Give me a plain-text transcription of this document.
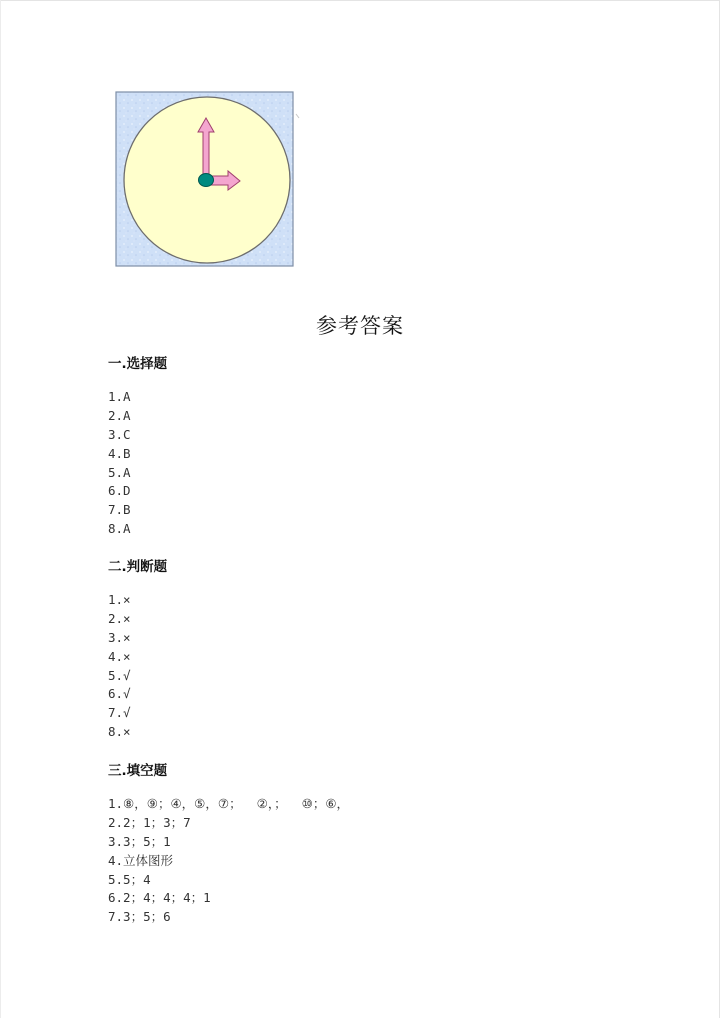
参考答案
一.选择题
1.A
2.A
3.C
4.B
5.A
6.D
7.B
8.A
二.判断题
1.×
2.×
3.×
4.×
5.√
6.√
7.√
8.×
三.填空题
1.⑧，⑨；④，⑤，⑦；  ②，；  ⑩；⑥，
2.2；1；3；7
3.3；5；1
4.立体图形
5.5；4
6.2；4；4；4；1
7.3；5；6
